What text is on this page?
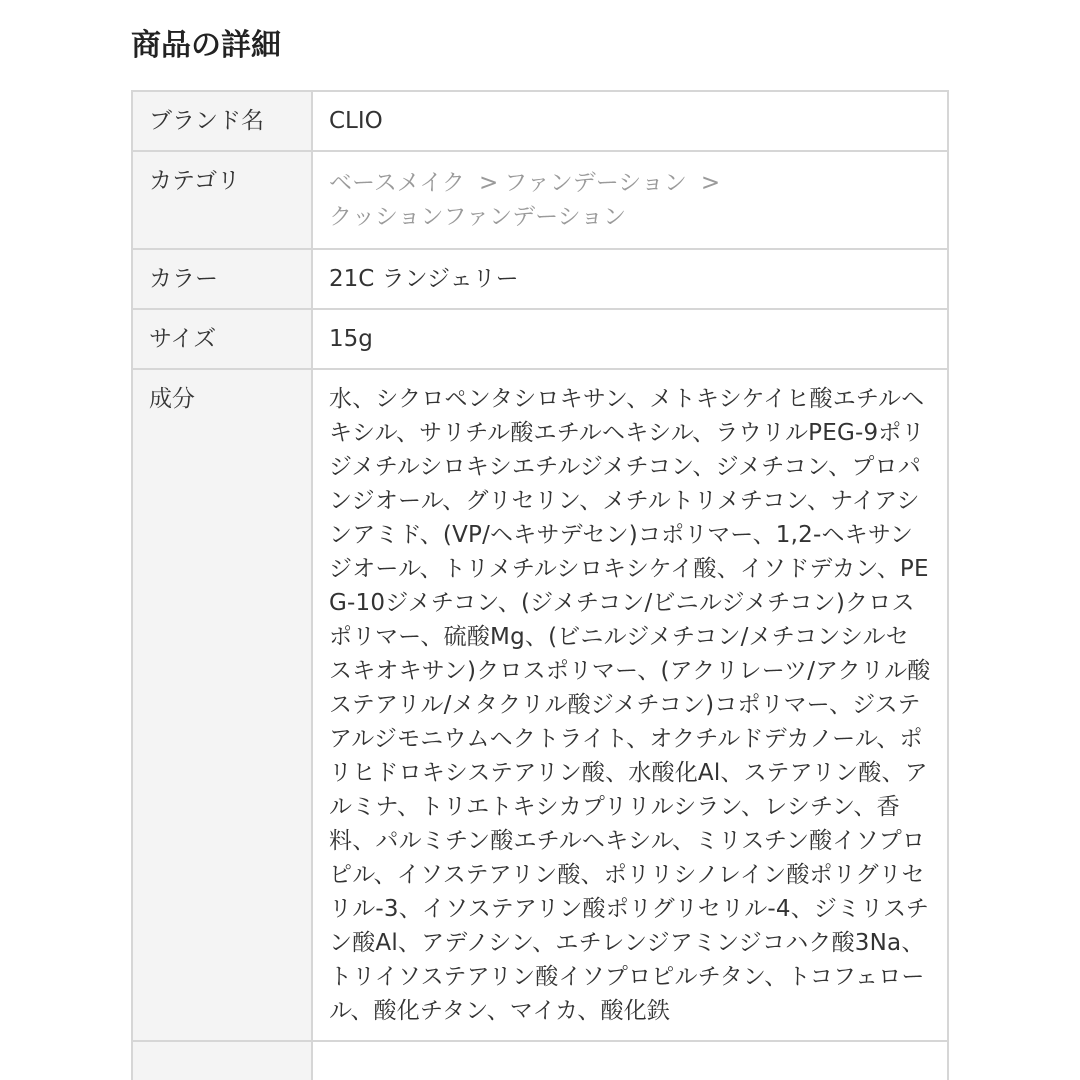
商品の詳細
ブランド名	CLIO
カテゴリ	ベースメイク > ファンデーション >
クッションファンデーション
カラー	21C ランジェリー
サイズ	15g
成分	水、シクロペンタシロキサン、メトキシケイヒ酸エチルヘキシル、サリチル酸エチルヘキシル、ラウリルPEG-9ポリジメチルシロキシエチルジメチコン、ジメチコン、プロパンジオール、グリセリン、メチルトリメチコン、ナイアシンアミド、(VP/ヘキサデセン)コポリマー、1,2-ヘキサンジオール、トリメチルシロキシケイ酸、イソドデカン、PEG-10ジメチコン、(ジメチコン/ビニルジメチコン)クロスポリマー、硫酸Mg、(ビニルジメチコン/メチコンシルセスキオキサン)クロスポリマー、(アクリレーツ/アクリル酸ステアリル/メタクリル酸ジメチコン)コポリマー、ジステアルジモニウムヘクトライト、オクチルドデカノール、ポリヒドロキシステアリン酸、水酸化Al、ステアリン酸、アルミナ、トリエトキシカプリリルシラン、レシチン、香料、パルミチン酸エチルヘキシル、ミリスチン酸イソプロピル、イソステアリン酸、ポリリシノレイン酸ポリグリセリル-3、イソステアリン酸ポリグリセリル-4、ジミリスチン酸Al、アデノシン、エチレンジアミンジコハク酸3Na、トリイソステアリン酸イソプロピルチタン、トコフェロール、酸化チタン、マイカ、酸化鉄
